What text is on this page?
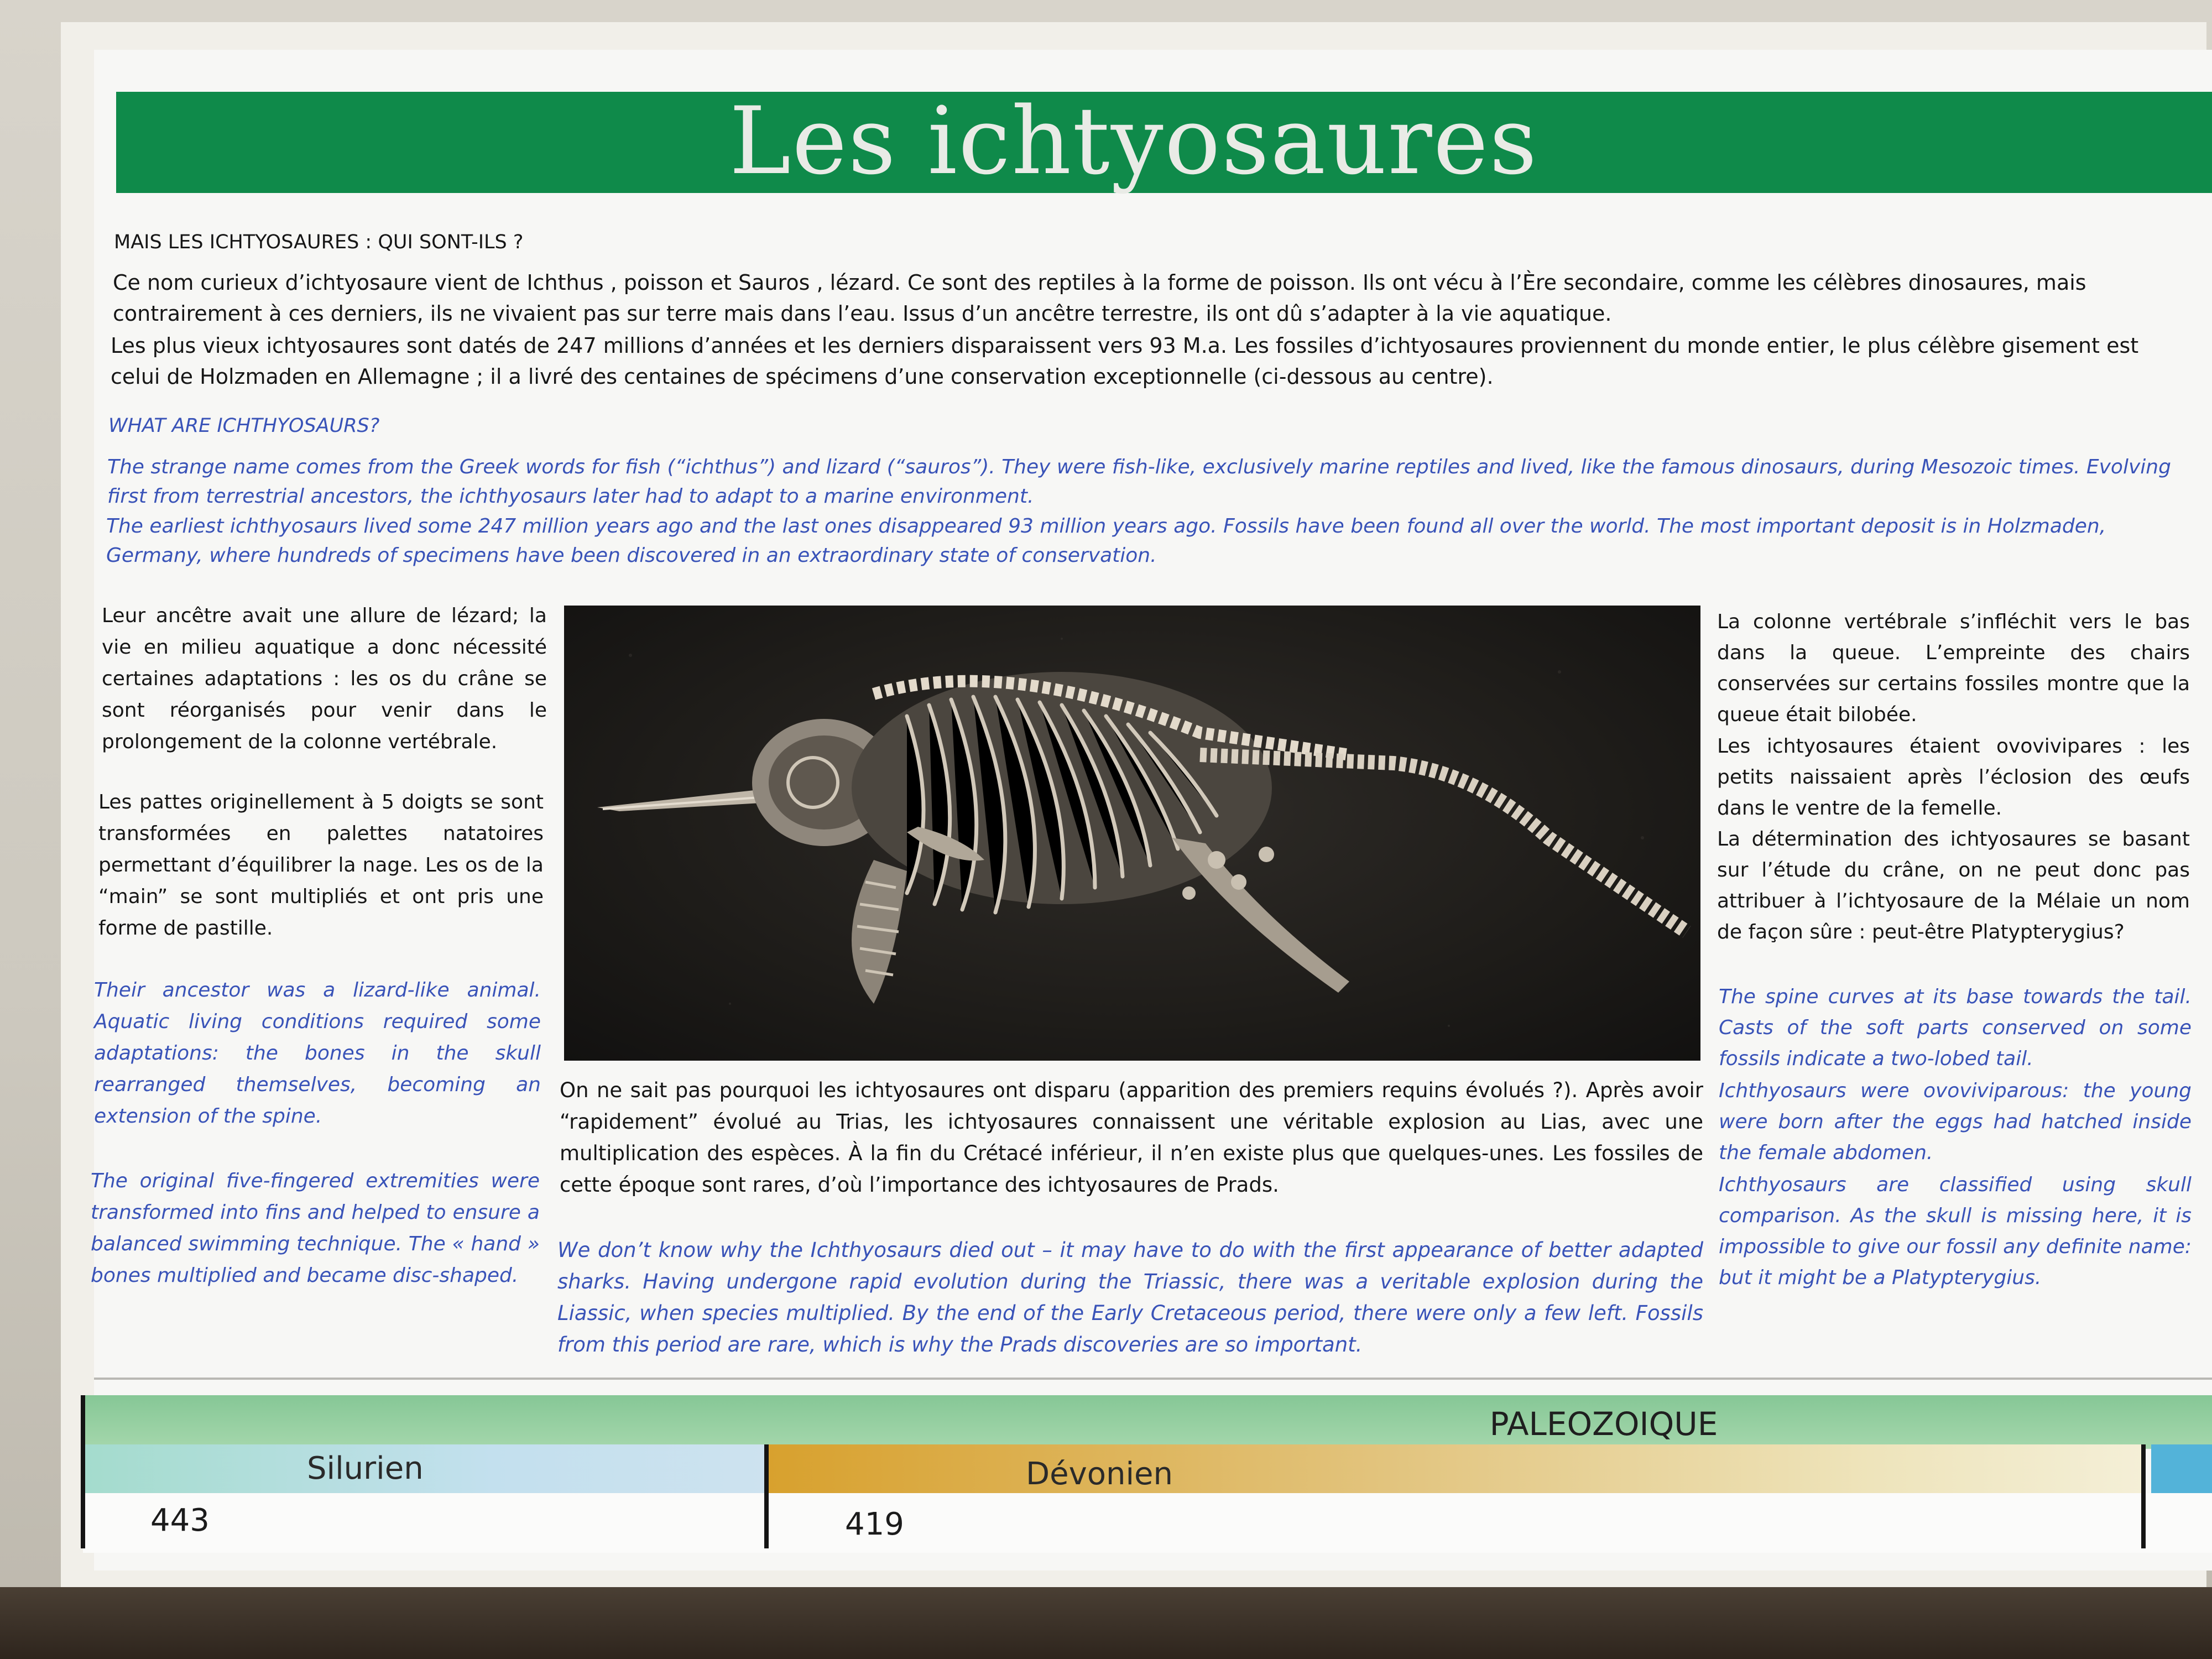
Les ichtyosaures
MAIS LES ICHTYOSAURES : QUI SONT-ILS ?
Ce nom curieux d’ichtyosaure vient de Ichthus , poisson et Sauros , lézard. Ce sont des reptiles à la forme de poisson. Ils ont vécu à l’Ère secondaire, comme les célèbres dinosaures, mais contrairement à ces derniers, ils ne vivaient pas sur terre mais dans l’eau. Issus d’un ancêtre terrestre, ils ont dû s’adapter à la vie aquatique.
Les plus vieux ichtyosaures sont datés de 247 millions d’années et les derniers disparaissent vers 93 M.a. Les fossiles d’ichtyosaures proviennent du monde entier, le plus célèbre gisement est celui de Holzmaden en Allemagne ; il a livré des centaines de spécimens d’une conservation exceptionnelle (ci-dessous au centre).
WHAT ARE ICHTHYOSAURS?
The strange name comes from the Greek words for fish (“ichthus”) and lizard (“sauros”). They were fish-like, exclusively marine reptiles and lived, like the famous dinosaurs, during Mesozoic times. Evolving first from terrestrial ancestors, the ichthyosaurs later had to adapt to a marine environment.
The earliest ichthyosaurs lived some 247 million years ago and the last ones disappeared 93 million years ago. Fossils have been found all over the world. The most important deposit is in Holzmaden, Germany, where hundreds of specimens have been discovered in an extraordinary state of conservation.
Leur ancêtre avait une allure de lézard; la vie en milieu aquatique a donc nécessité certaines adaptations : les os du crâne se sont réorganisés pour venir dans le prolongement de la colonne vertébrale.
Les pattes originellement à 5 doigts se sont transformées en palettes natatoires permettant d’équilibrer la nage. Les os de la “main” se sont multipliés et ont pris une forme de pastille.
Their ancestor was a lizard-like animal. Aquatic living conditions required some adaptations: the bones in the skull rearranged themselves, becoming an extension of the spine.
The original five-fingered extremities were transformed into fins and helped to ensure a balanced swimming technique. The « hand » bones multiplied and became disc-shaped.
On ne sait pas pourquoi les ichtyosaures ont disparu (apparition des premiers requins évolués ?). Après avoir “rapidement” évolué au Trias, les ichtyosaures connaissent une véritable explosion au Lias, avec une multiplication des espèces. À la fin du Crétacé inférieur, il n’en existe plus que quelques-unes. Les fossiles de cette époque sont rares, d’où l’importance des ichtyosaures de Prads.
We don’t know why the Ichthyosaurs died out – it may have to do with the first appearance of better adapted sharks. Having undergone rapid evolution during the Triassic, there was a veritable explosion during the Liassic, when species multiplied. By the end of the Early Cretaceous period, there were only a few left. Fossils from this period are rare, which is why the Prads discoveries are so important.
La colonne vertébrale s’infléchit vers le bas dans la queue. L’empreinte des chairs conservées sur certains fossiles montre que la queue était bilobée.
Les ichtyosaures étaient ovovivipares : les petits naissaient après l’éclosion des œufs dans le ventre de la femelle.
La détermination des ichtyosaures se basant sur l’étude du crâne, on ne peut donc pas attribuer à l’ichtyosaure de la Mélaie un nom de façon sûre : peut-être Platypterygius?
The spine curves at its base towards the tail. Casts of the soft parts conserved on some fossils indicate a two-lobed tail.
Ichthyosaurs were ovoviviparous: the young were born after the eggs had hatched inside the female abdomen.
Ichthyosaurs are classified using skull comparison. As the skull is missing here, it is impossible to give our fossil any definite name: but it might be a Platypterygius.
PALEOZOIQUE
Silurien	Dévonien
443	419
